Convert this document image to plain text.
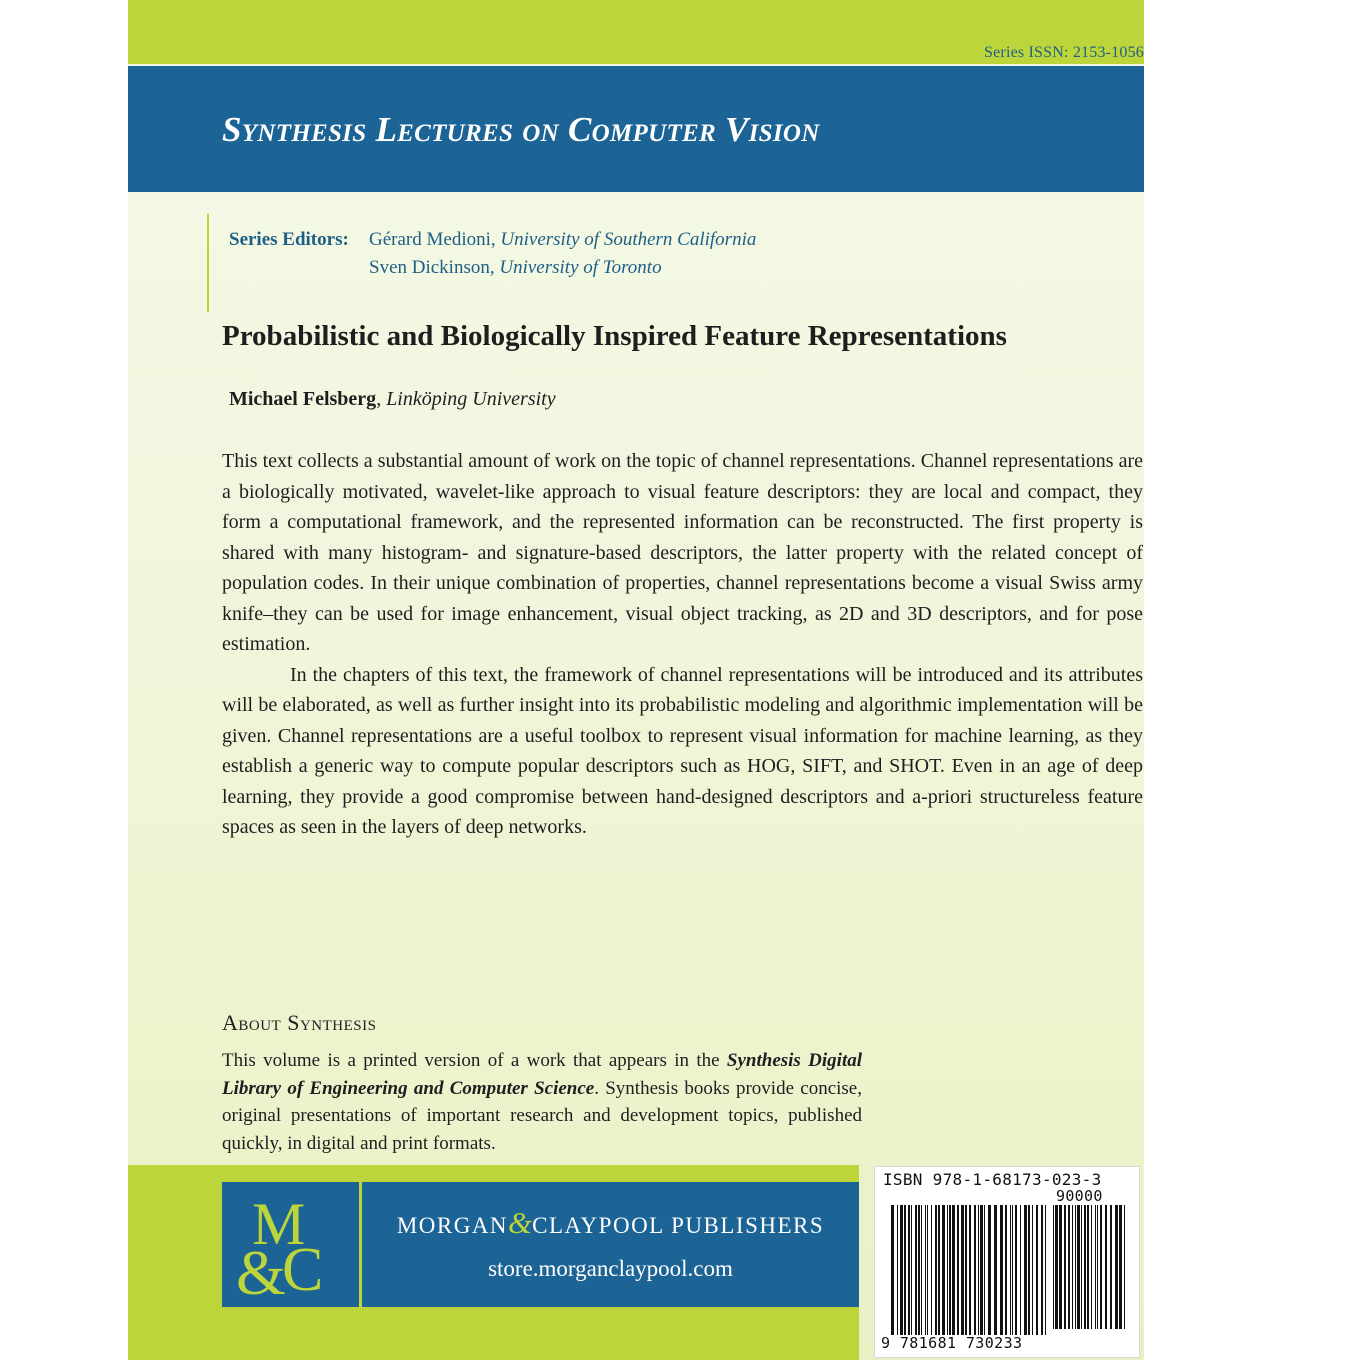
Series ISSN: 2153-1056
Synthesis Lectures on Computer Vision
Series Editors: Gérard Medioni, University of Southern California
Sven Dickinson, University of Toronto
Probabilistic and Biologically Inspired Feature Representations
Michael Felsberg, Linköping University

This text collects a substantial amount of work on the topic of channel representations. Channel representations are a biologically motivated, wavelet-like approach to visual feature descriptors: they are local and compact, they form a computational framework, and the represented information can be reconstructed. The first property is shared with many histogram- and signature-based descriptors, the latter property with the related concept of population codes. In their unique combination of properties, channel representations become a visual Swiss army knife–they can be used for image enhancement, visual object tracking, as 2D and 3D descriptors, and for pose estimation.

In the chapters of this text, the framework of channel representations will be introduced and its attributes will be elaborated, as well as further insight into its probabilistic modeling and algorithmic implementation will be given. Channel representations are a useful toolbox to represent visual information for machine learning, as they establish a generic way to compute popular descriptors such as HOG, SIFT, and SHOT. Even in an age of deep learning, they provide a good compromise between hand-designed descriptors and a-priori structureless feature spaces as seen in the layers of deep networks.

About Synthesis

This volume is a printed version of a work that appears in the Synthesis Digital Library of Engineering and Computer Science. Synthesis books provide concise, original presentations of important research and development topics, published quickly, in digital and print formats.

M
&
C
MORGAN&CLAYPOOL PUBLISHERS
store.morganclaypool.com
ISBN 978-1-68173-023-3
90000
9 781681 730233
